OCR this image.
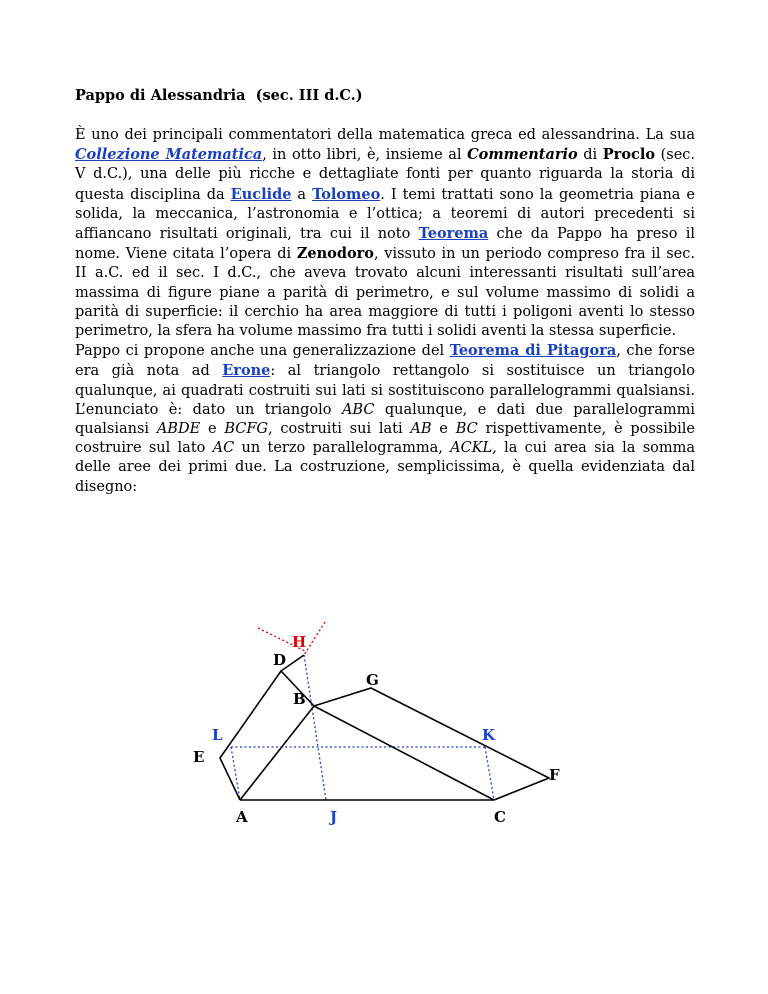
Pappo di Alessandria  (sec. III d.C.)

È uno dei principali commentatori della matematica greca ed alessandrina. La sua Collezione Matematica, in otto libri, è, insieme al Commentario di Proclo (sec. V d.C.), una delle più ricche e dettagliate fonti per quanto riguarda la storia di questa disciplina da Euclide a Tolomeo. I temi trattati sono la geometria piana e solida, la meccanica, l’astronomia e l’ottica; a teoremi di autori precedenti si affiancano risultati originali, tra cui il noto Teorema che da Pappo ha preso il nome. Viene citata l’opera di Zenodoro, vissuto in un periodo compreso fra il sec. II a.C. ed il sec. I d.C., che aveva trovato alcuni interessanti risultati sull’area massima di figure piane a parità di perimetro, e sul volume massimo di solidi a parità di superficie: il cerchio ha area maggiore di tutti i poligoni aventi lo stesso perimetro, la sfera ha volume massimo fra tutti i solidi aventi la stessa superficie.

Pappo ci propone anche una generalizzazione del Teorema di Pitagora, che forse era già nota ad Erone: al triangolo rettangolo si sostituisce un triangolo qualunque, ai quadrati costruiti sui lati si sostituiscono parallelogrammi qualsiansi. L’enunciato è: dato un triangolo ABC qualunque, e dati due parallelogrammi qualsiansi ABDE e BCFG, costruiti sui lati AB e BC rispettivamente, è possibile costruire sul lato AC un terzo parallelogramma, ACKL, la cui area sia la somma delle aree dei primi due. La costruzione, semplicissima, è quella evidenziata dal disegno:

H
D
G
B
L	K
E
F
A	J	C
